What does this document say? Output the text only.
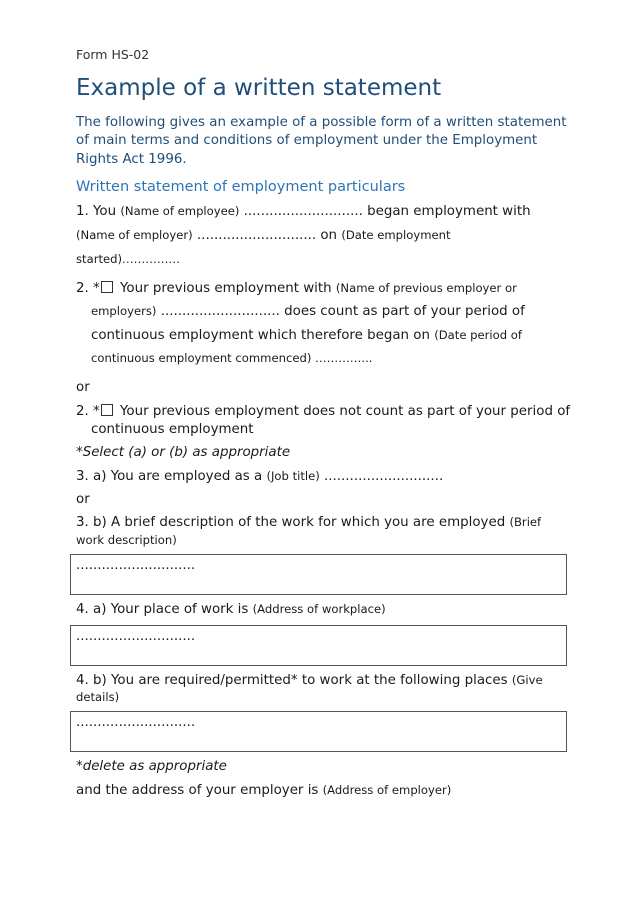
Form HS-02
Example of a written statement
The following gives an example of a possible form of a written statement of main terms and conditions of employment under the Employment Rights Act 1996.
Written statement of employment particulars
1. You (Name of employee) ............................ began employment with
(Name of employer) ............................ on (Date employment
started)……………
2. * Your previous employment with (Name of previous employer or
employers) ............................ does count as part of your period of
continuous employment which therefore began on (Date period of
continuous employment commenced) …………...
or
2. * Your previous employment does not count as part of your period of
continuous employment
*Select (a) or (b) as appropriate
3. a) You are employed as a (Job title) ............................
or
3. b) A brief description of the work for which you are employed (Brief
work description)
............................
4. a) Your place of work is (Address of workplace)
............................
4. b) You are required/permitted* to work at the following places (Give
details)
............................
*delete as appropriate
and the address of your employer is (Address of employer)
